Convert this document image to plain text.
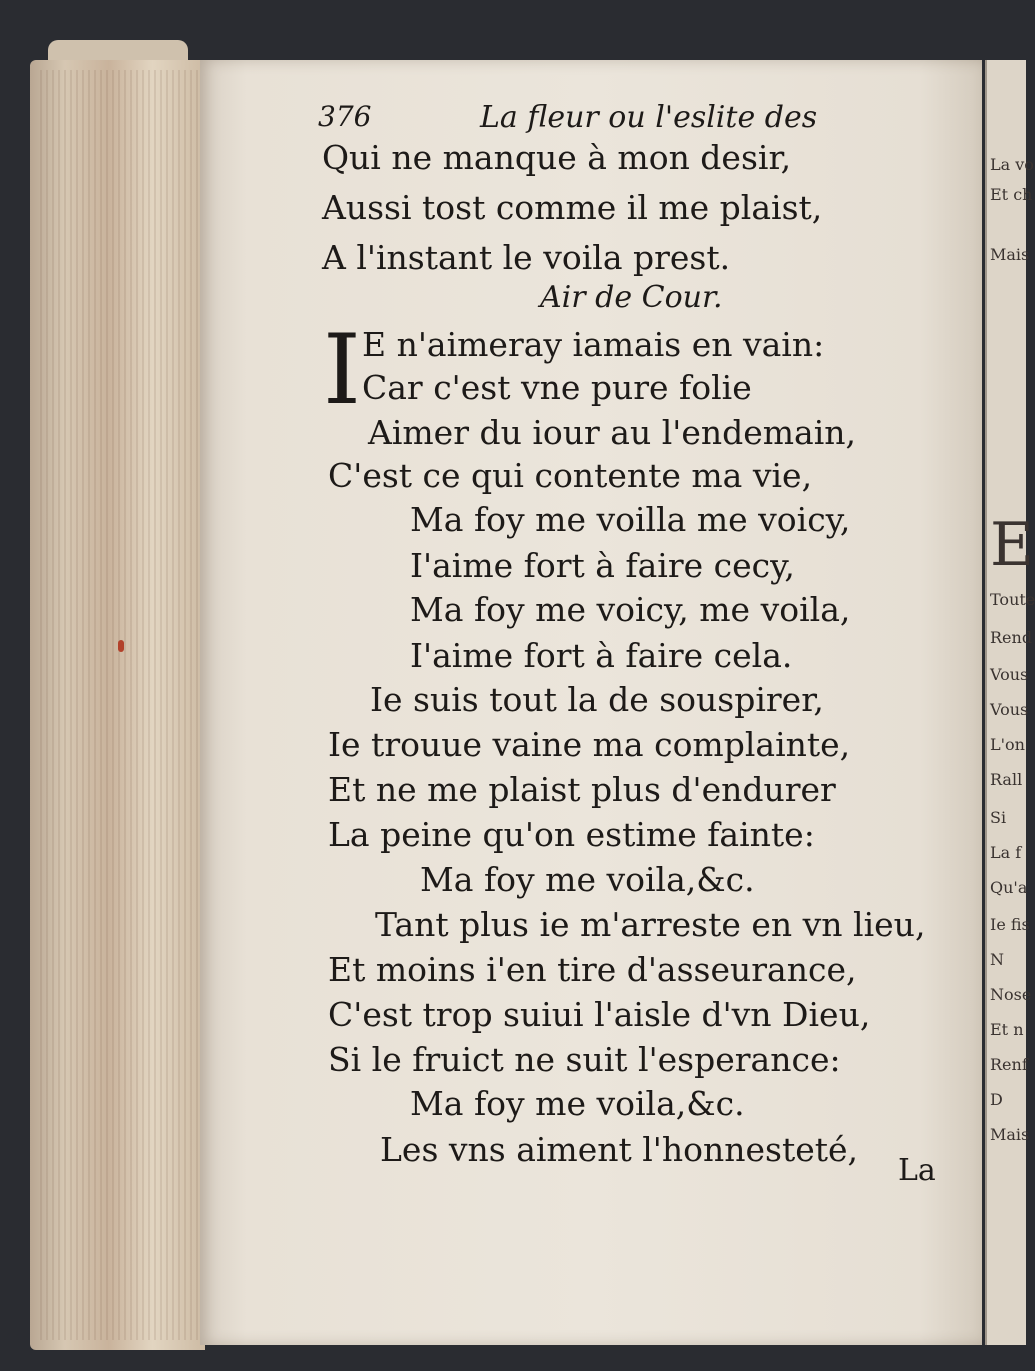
La vo
Et ch
Mais
E
Toute
Rend
Vous
Vous
L'on
Rall
Si
La f
Qu'a
Ie fis
N
Nose
Et n
Renf
D
Mais
376	La fleur ou l'eslite des
Qui ne manque à mon desir,
Aussi tost comme il me plaist,
A l'instant le voila prest.
Air de Cour.
I E n'aimeray iamais en vain:
Car c'est vne pure folie
Aimer du iour au l'endemain,
C'est ce qui contente ma vie,
Ma foy me voilla me voicy,
I'aime fort à faire cecy,
Ma foy me voicy, me voila,
I'aime fort à faire cela.
Ie suis tout la de souspirer,
Ie trouue vaine ma complainte,
Et ne me plaist plus d'endurer
La peine qu'on estime fainte:
Ma foy me voila,&c.
Tant plus ie m'arreste en vn lieu,
Et moins i'en tire d'asseurance,
C'est trop suiui l'aisle d'vn Dieu,
Si le fruict ne suit l'esperance:
Ma foy me voila,&c.
Les vns aiment l'honnesteté,
La
